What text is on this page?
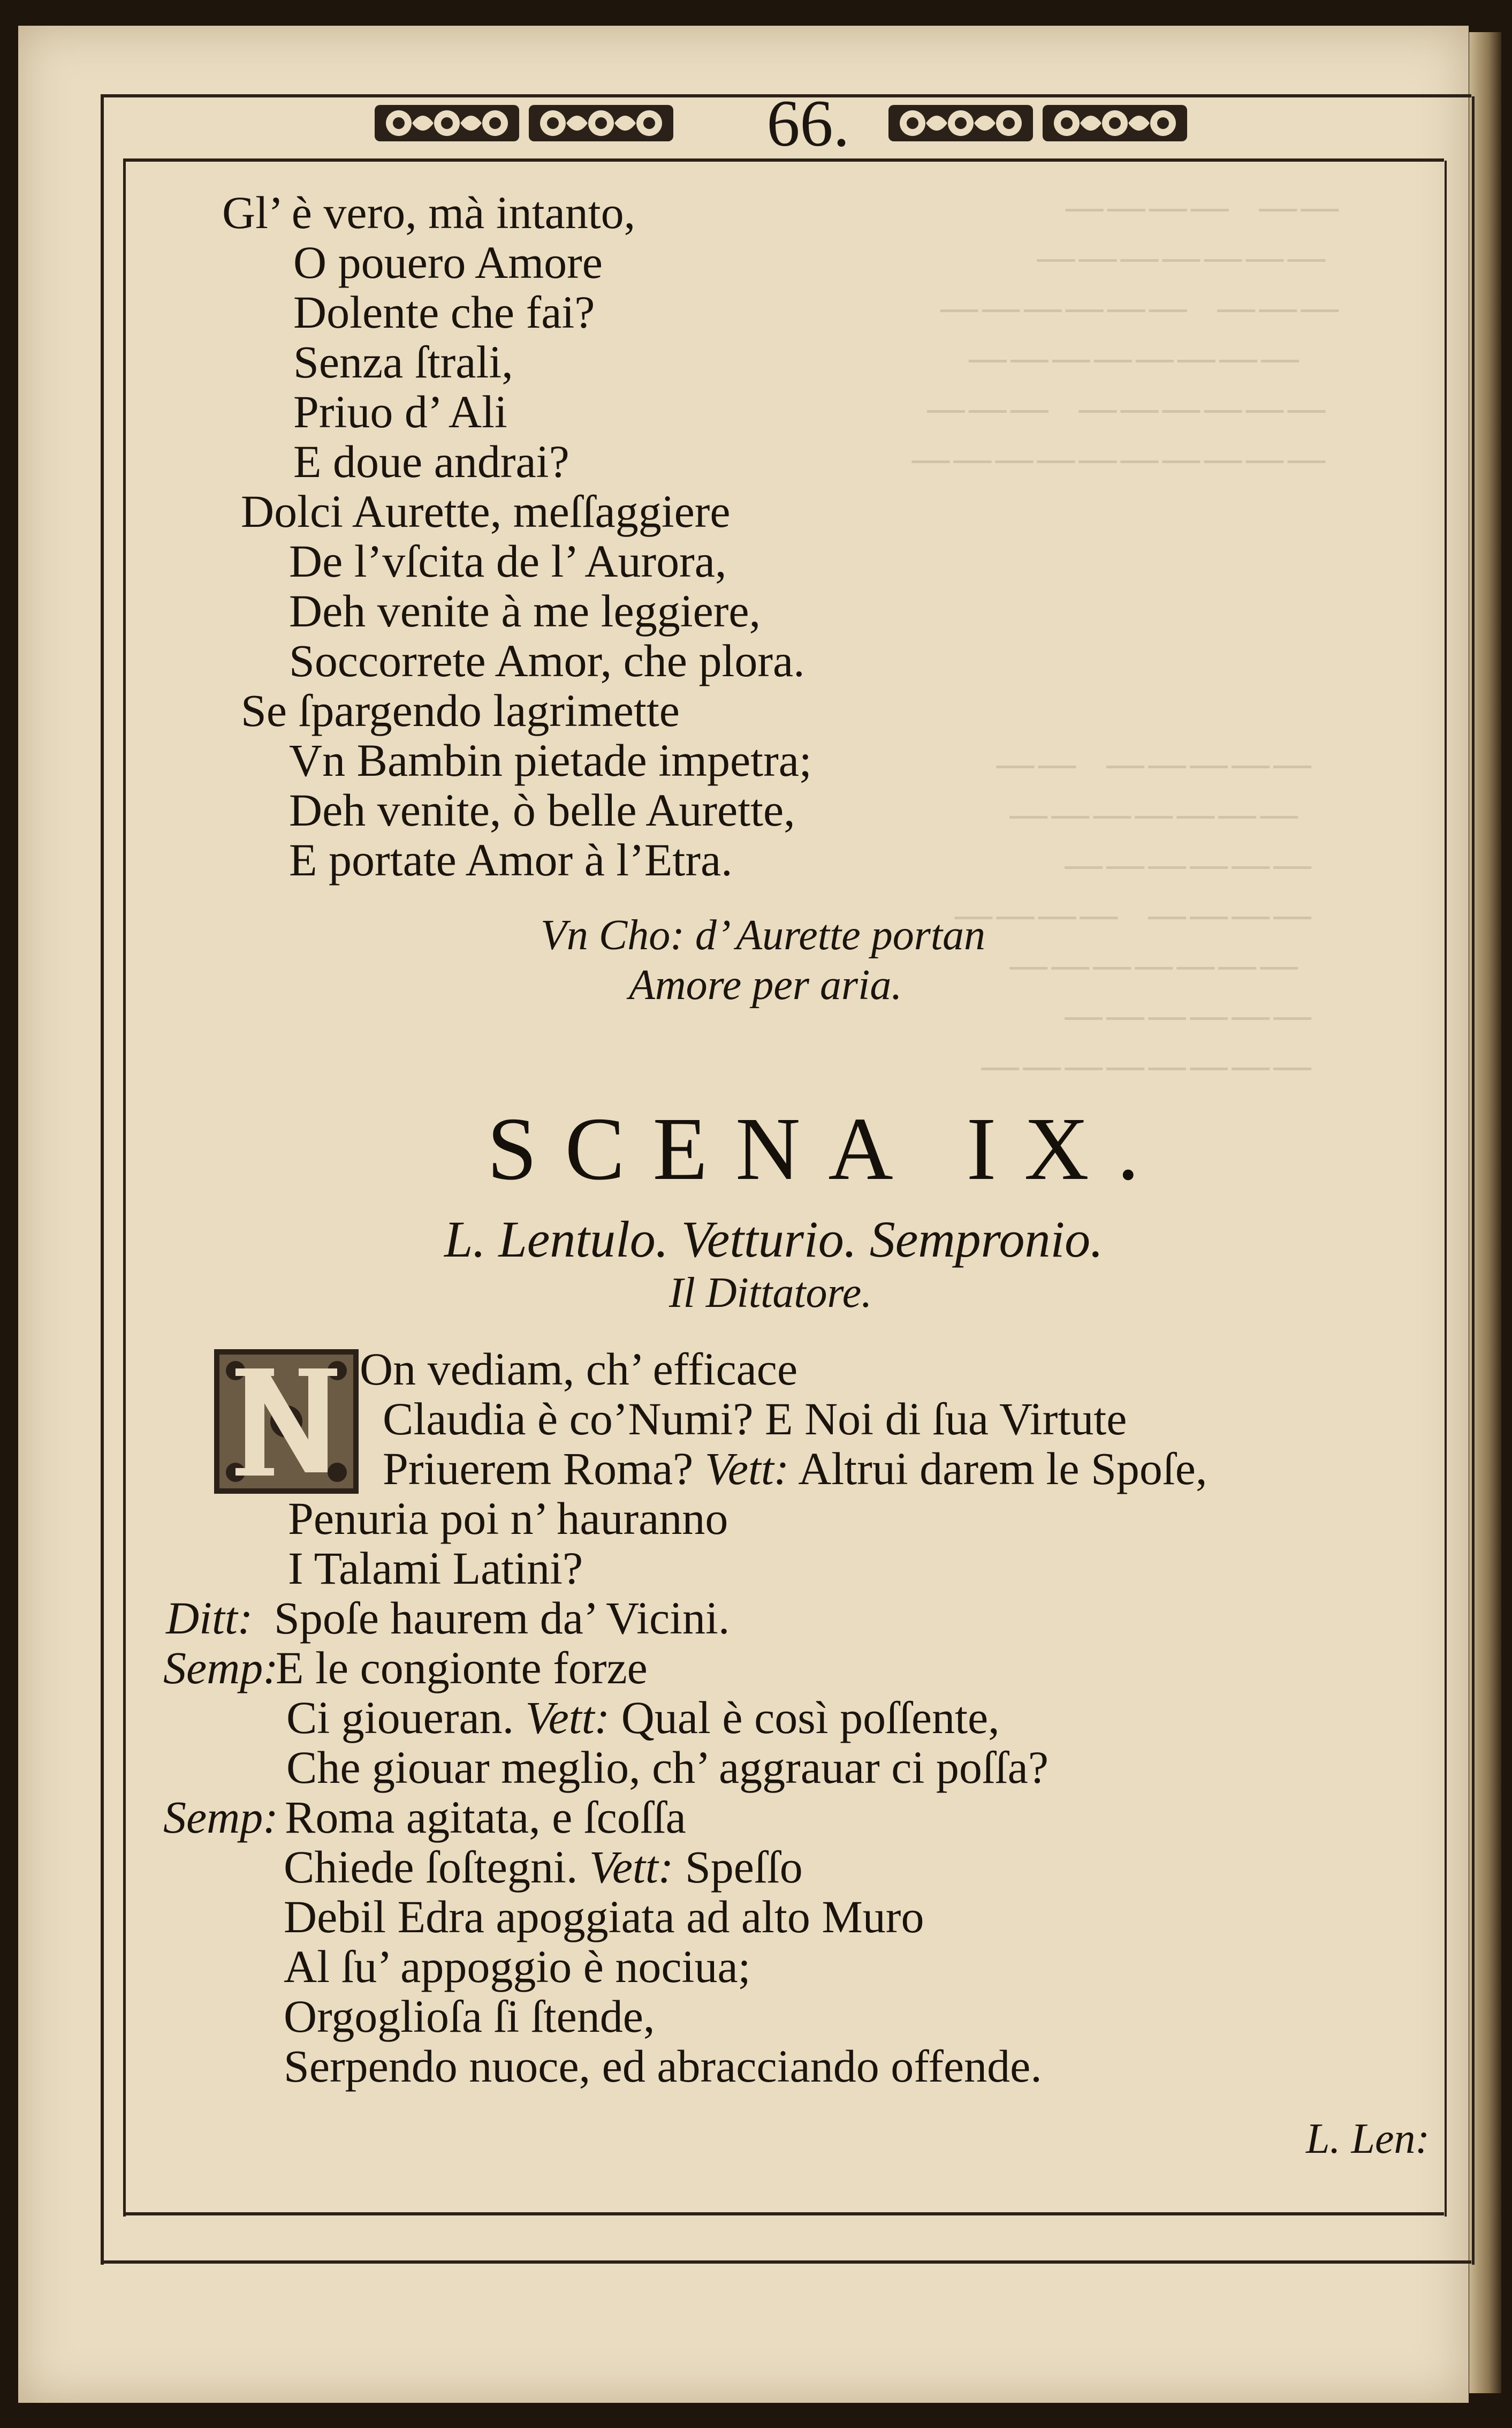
——  ————
———————
———  ——————
————————
——————  ———
——————————
—————  ——
———————
——————
————  ————
———————
——————
————————
66.
Gl’ è vero, mà intanto,
O pouero Amore
Dolente che fai?
Senza ſtrali,
Priuo d’ Ali
E doue andrai?
Dolci Aurette, meſſaggiere
De l’vſcita de l’ Aurora,
Deh venite à me leggiere,
Soccorrete Amor, che plora.
Se ſpargendo lagrimette
Vn Bambin pietade impetra;
Deh venite, ò belle Aurette,
E portate Amor à l’Etra.
Vn Cho: d’ Aurette portan
Amore per aria.
SCENA IX.
L. Lentulo. Vetturio. Sempronio.
Il Dittatore.
On vediam, ch’ efficace
Claudia è co’Numi? E Noi di ſua Virtute
Priuerem Roma? Vett: Altrui darem le Spoſe,
Penuria poi n’ hauranno
I Talami Latini?
Ditt: Spoſe haurem da’ Vicini.
Semp:
E le congionte forze
Ci gioueran. Vett: Qual è così poſſente,
Che giouar meglio, ch’ aggrauar ci poſſa?
Semp: Roma agitata, e ſcoſſa
Chiede ſoſtegni. Vett: Speſſo
Debil Edra apoggiata ad alto Muro
Al ſu’ appoggio è nociua;
Orgoglioſa ſi ſtende,
Serpendo nuoce, ed abracciando offende.
L. Len:
